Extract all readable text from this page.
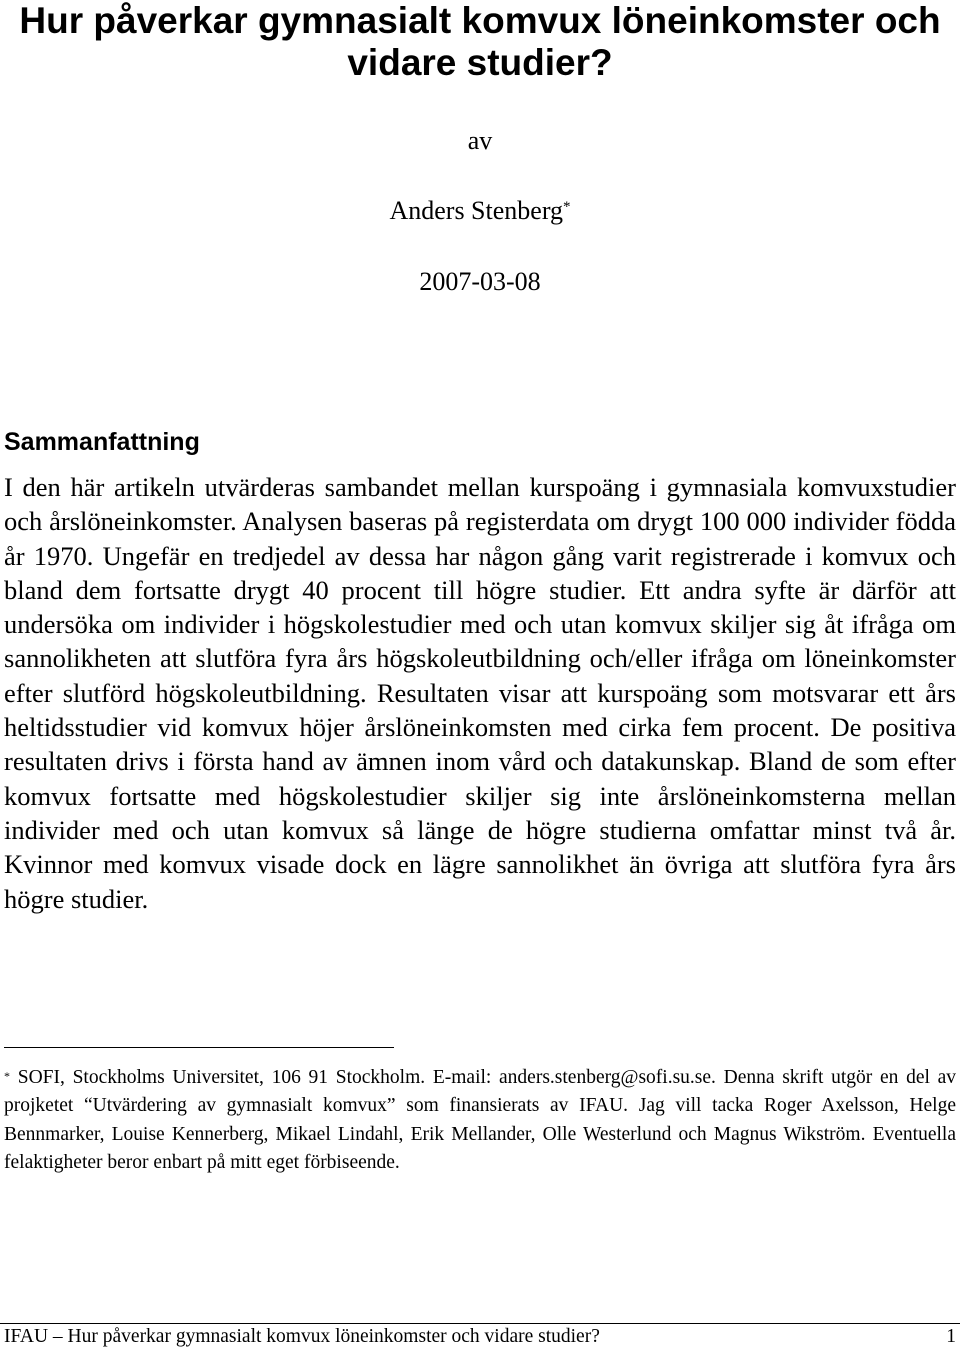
Hur påverkar gymnasialt komvux löneinkomster och vidare studier?
av
Anders Stenberg*
2007-03-08
Sammanfattning

I den här artikeln utvärderas sambandet mellan kurspoäng i gymnasiala komvuxstudier och årslöneinkomster. Analysen baseras på registerdata om drygt 100 000 individer födda år 1970. Ungefär en tredjedel av dessa har någon gång varit registrerade i komvux och bland dem fortsatte drygt 40 procent till högre studier. Ett andra syfte är därför att undersöka om individer i högskolestudier med och utan komvux skiljer sig åt ifråga om sannolikheten att slutföra fyra års högskoleutbildning och/eller ifråga om löneinkomster efter slutförd högskoleutbildning. Resultaten visar att kurspoäng som motsvarar ett års heltidsstudier vid komvux höjer årslöneinkomsten med cirka fem procent. De positiva resultaten drivs i första hand av ämnen inom vård och datakunskap. Bland de som efter komvux fortsatte med högskolestudier skiljer sig inte årslöneinkomsterna mellan individer med och utan komvux så länge de högre studierna omfattar minst två år. Kvinnor med komvux visade dock en lägre sannolikhet än övriga att slutföra fyra års högre studier.

* SOFI, Stockholms Universitet, 106 91 Stockholm. E-mail: anders.stenberg@sofi.su.se. Denna skrift utgör en del av projketet “Utvärdering av gymnasialt komvux” som finansierats av IFAU. Jag vill tacka Roger Axelsson, Helge Bennmarker, Louise Kennerberg, Mikael Lindahl, Erik Mellander, Olle Westerlund och Magnus Wikström. Eventuella felaktigheter beror enbart på mitt eget förbiseende.

IFAU – Hur påverkar gymnasialt komvux löneinkomster och vidare studier?	1
